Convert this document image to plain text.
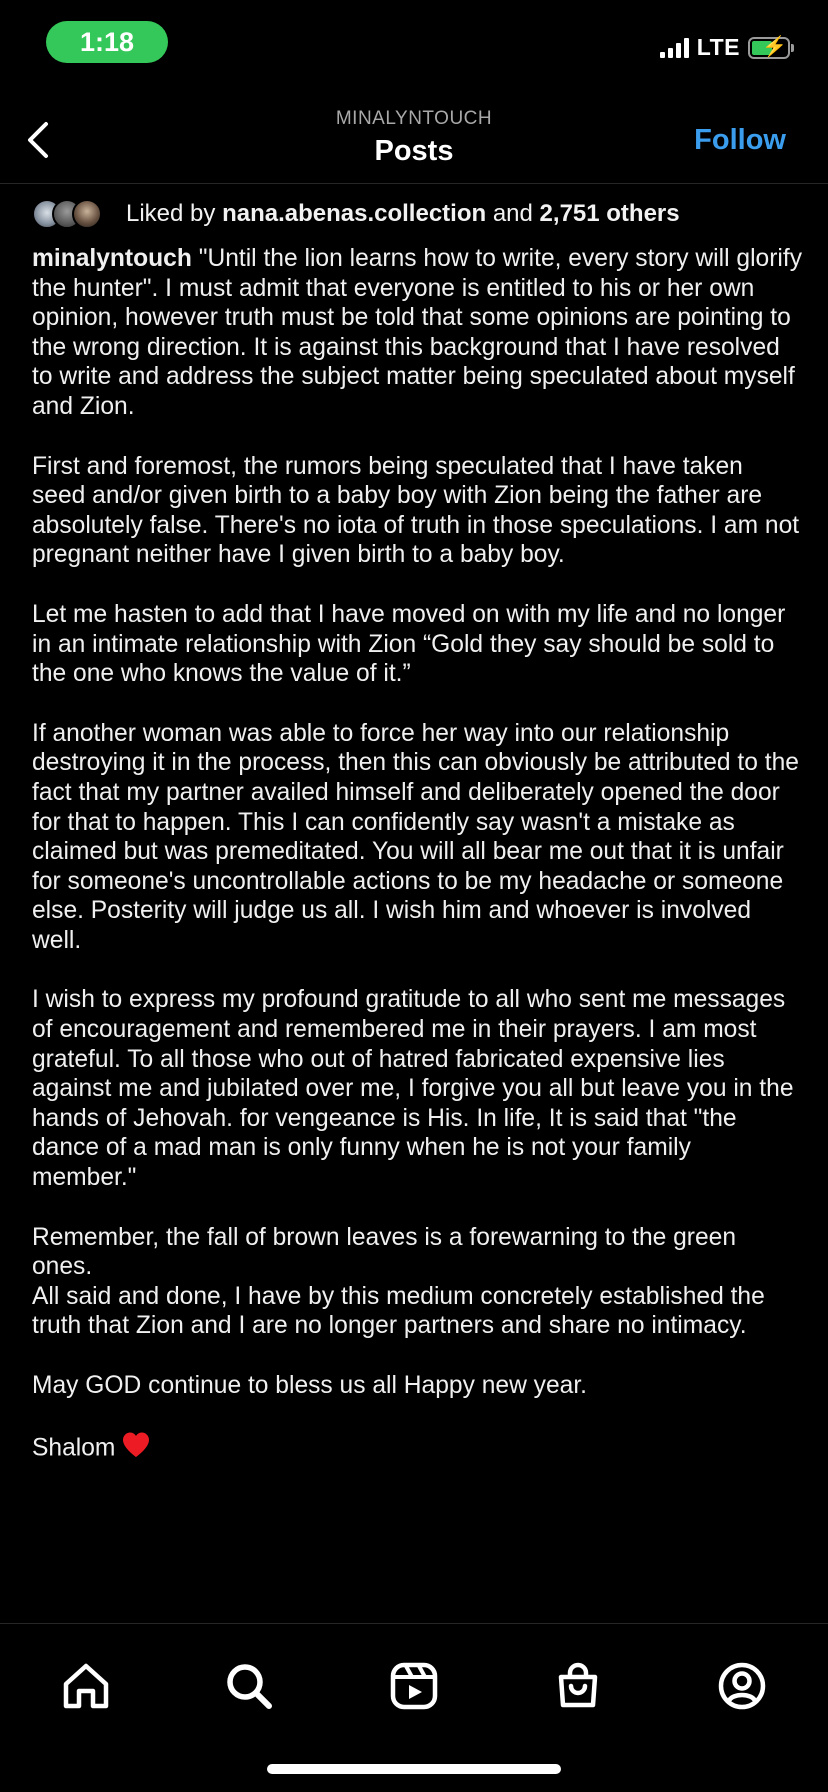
1:18	LTE ⚡
MINALYNTOUCH
Posts	Follow
Liked by nana.abenas.collection and 2,751 others

minalyntouch "Until the lion learns how to write, every story will glorify the hunter". I must admit that everyone is entitled to his or her own opinion, however truth must be told that some opinions are pointing to the wrong direction. It is against this background that I have resolved to write and address the subject matter being speculated about myself and Zion.

First and foremost, the rumors being speculated that I have taken seed and/or given birth to a baby boy with Zion being the father are absolutely false. There's no iota of truth in those speculations. I am not pregnant neither have I given birth to a baby boy.

Let me hasten to add that I have moved on with my life and no longer in an intimate relationship with Zion “Gold they say should be sold to the one who knows the value of it.”

If another woman was able to force her way into our relationship destroying it in the process, then this can obviously be attributed to the fact that my partner availed himself and deliberately opened the door for that to happen. This I can confidently say wasn't a mistake as claimed but was premeditated. You will all bear me out that it is unfair for someone's uncontrollable actions to be my headache or someone else. Posterity will judge us all. I wish him and whoever is involved well.

I wish to express my profound gratitude to all who sent me messages of encouragement and remembered me in their prayers. I am most grateful. To all those who out of hatred fabricated expensive lies against me and jubilated over me, I forgive you all but leave you in the hands of Jehovah. for vengeance is His. In life, It is said that "the dance of a mad man is only funny when he is not your family member."

Remember, the fall of brown leaves is a forewarning to the green ones.

All said and done, I have by this medium concretely established the truth that Zion and I are no longer partners and share no intimacy.

May GOD continue to bless us all Happy new year.

Shalom
